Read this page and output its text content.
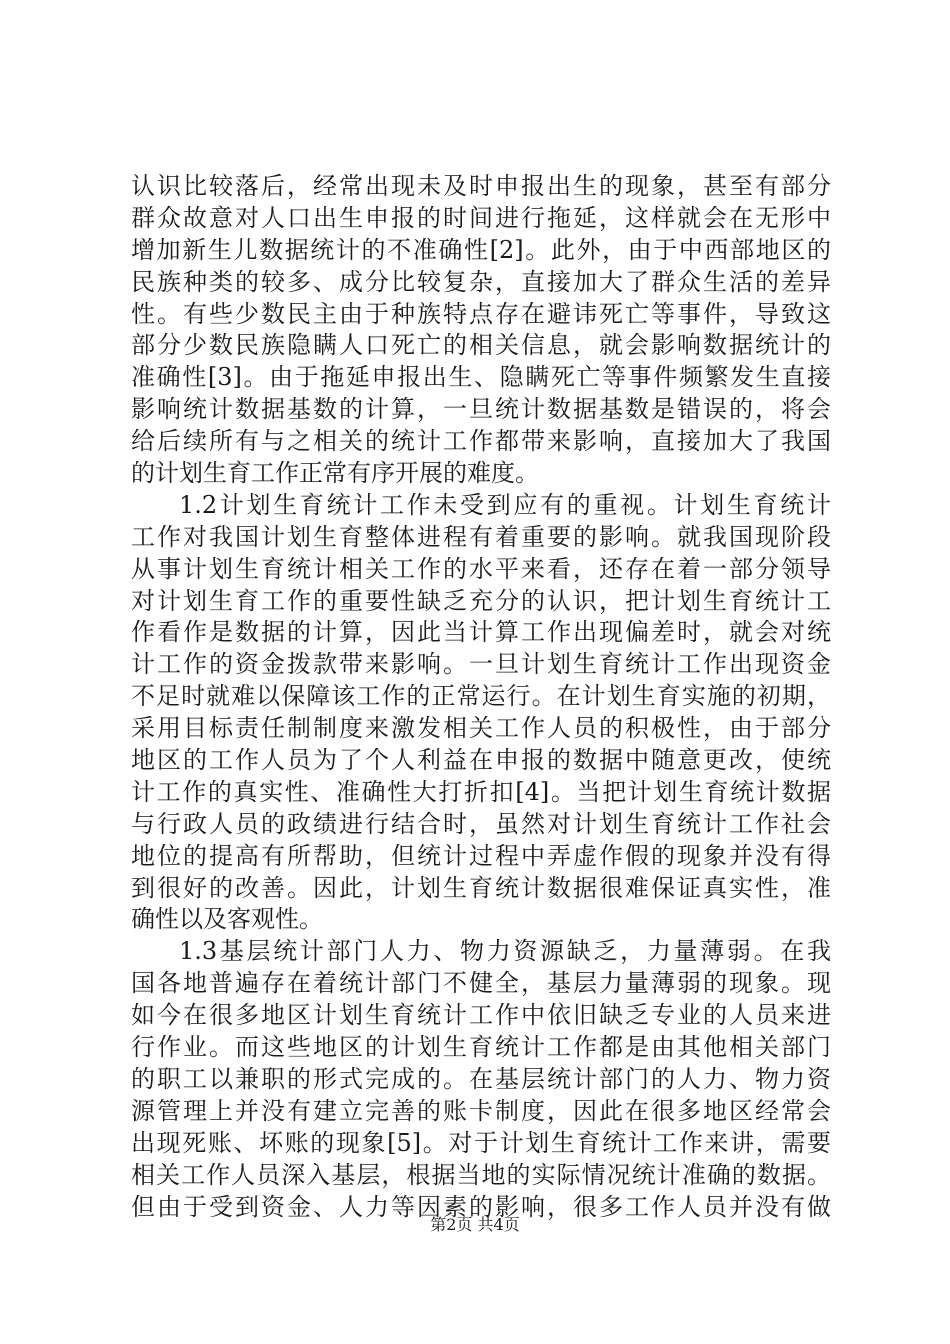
认识比较落后，经常出现未及时申报出生的现象，甚至有部分
群众故意对人口出生申报的时间进行拖延，这样就会在无形中
增加新生儿数据统计的不准确性[2]。此外，由于中西部地区的
民族种类的较多、成分比较复杂，直接加大了群众生活的差异
性。有些少数民主由于种族特点存在避讳死亡等事件，导致这
部分少数民族隐瞒人口死亡的相关信息，就会影响数据统计的
准确性[3]。由于拖延申报出生、隐瞒死亡等事件频繁发生直接
影响统计数据基数的计算，一旦统计数据基数是错误的，将会
给后续所有与之相关的统计工作都带来影响，直接加大了我国
的计划生育工作正常有序开展的难度。
1.2计划生育统计工作未受到应有的重视。计划生育统计
工作对我国计划生育整体进程有着重要的影响。就我国现阶段
从事计划生育统计相关工作的水平来看，还存在着一部分领导
对计划生育工作的重要性缺乏充分的认识，把计划生育统计工
作看作是数据的计算，因此当计算工作出现偏差时，就会对统
计工作的资金拨款带来影响。一旦计划生育统计工作出现资金
不足时就难以保障该工作的正常运行。在计划生育实施的初期，
采用目标责任制制度来激发相关工作人员的积极性，由于部分
地区的工作人员为了个人利益在申报的数据中随意更改，使统
计工作的真实性、准确性大打折扣[4]。当把计划生育统计数据
与行政人员的政绩进行结合时，虽然对计划生育统计工作社会
地位的提高有所帮助，但统计过程中弄虚作假的现象并没有得
到很好的改善。因此，计划生育统计数据很难保证真实性，准
确性以及客观性。
1.3基层统计部门人力、物力资源缺乏，力量薄弱。在我
国各地普遍存在着统计部门不健全，基层力量薄弱的现象。现
如今在很多地区计划生育统计工作中依旧缺乏专业的人员来进
行作业。而这些地区的计划生育统计工作都是由其他相关部门
的职工以兼职的形式完成的。在基层统计部门的人力、物力资
源管理上并没有建立完善的账卡制度，因此在很多地区经常会
出现死账、坏账的现象[5]。对于计划生育统计工作来讲，需要
相关工作人员深入基层，根据当地的实际情况统计准确的数据。
但由于受到资金、人力等因素的影响，很多工作人员并没有做
第2页 共4页
